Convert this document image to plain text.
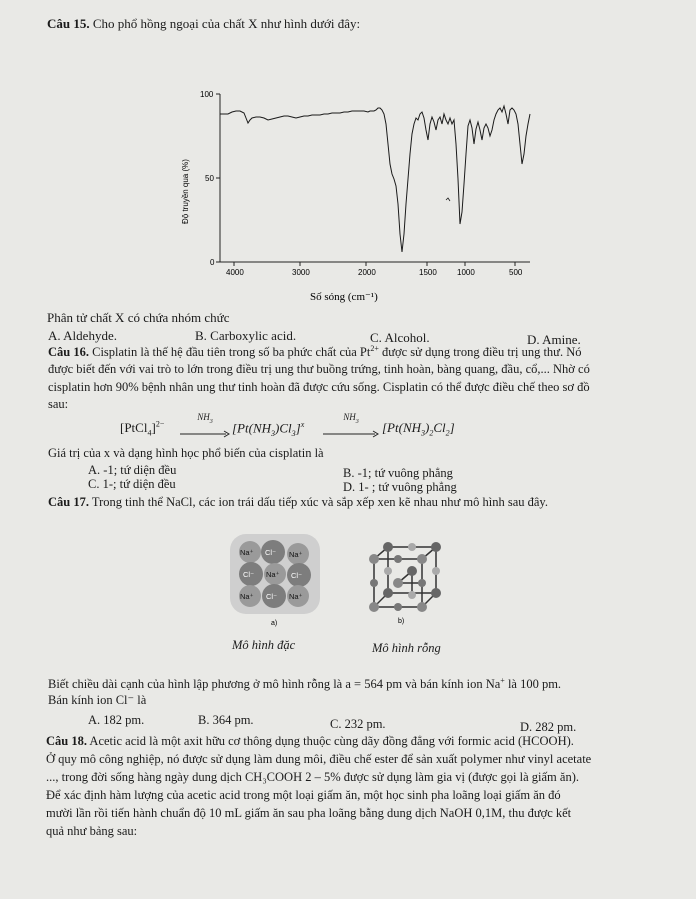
Câu 15. Cho phổ hồng ngoại của chất X như hình dưới đây:
100
50
0
Độ truyền qua (%)
4000	3000	2000	1500	1000	500
Số sóng (cm⁻¹)
Phân tử chất X có chứa nhóm chức
A. Aldehyde.	B. Carboxylic acid.	C. Alcohol.	D. Amine.
Câu 16. Cisplatin là thế hệ đầu tiên trong số ba phức chất của $Pt^{2+}$ được sử dụng trong điều trị ung thư. Nó
được biết đến với vai trò to lớn trong điều trị ung thư buồng trứng, tinh hoàn, bàng quang, đầu, cổ,... Nhờ có
cisplatin hơn 90% bệnh nhân ung thư tinh hoàn đã được cứu sống. Cisplatin có thể được điều chế theo sơ đồ
sau:
[PtCl$_4$]$^{2-}$
$NH_3$	$[Pt(NH_3)Cl_3]^x$
$NH_3$	$[Pt(NH_3)_2Cl_2]$
Giá trị của x và dạng hình học phổ biến của cisplatin là
A. -1; tứ diện đều	B. -1; tứ vuông phẳng
C. 1-; tứ diện đều	D. 1- ; tứ vuông phẳng
Câu 17. Trong tinh thể NaCl, các ion trái dấu tiếp xúc và sắp xếp xen kẽ nhau như mô hình sau đây.
Na⁺ Cl⁻ Na⁺
Cl⁻ Na⁺ Cl⁻
Na⁺ Cl⁻ Na⁺
a)	b)
Mô hình đặc	Mô hình rỗng
Biết chiều dài cạnh của hình lập phương ở mô hình rỗng là a = 564 pm và bán kính ion Na+ là 100 pm.
Bán kính ion Cl⁻ là
A. 182 pm.	B. 364 pm.	C. 232 pm.	D. 282 pm.
Câu 18. Acetic acid là một axit hữu cơ thông dụng thuộc cùng dãy đồng đẳng với formic acid (HCOOH).
Ở quy mô công nghiệp, nó được sử dụng làm dung môi, điều chế ester để sản xuất polymer như vinyl acetate
..., trong đời sống hàng ngày dung dịch CH₃COOH 2 – 5% được sử dụng làm gia vị (được gọi là giấm ăn).
Để xác định hàm lượng của acetic acid trong một loại giấm ăn, một học sinh pha loãng loại giấm ăn đó
mười lần rồi tiến hành chuẩn độ 10 mL giấm ăn sau pha loãng bằng dung dịch NaOH 0,1M, thu được kết
quả như bảng sau:
